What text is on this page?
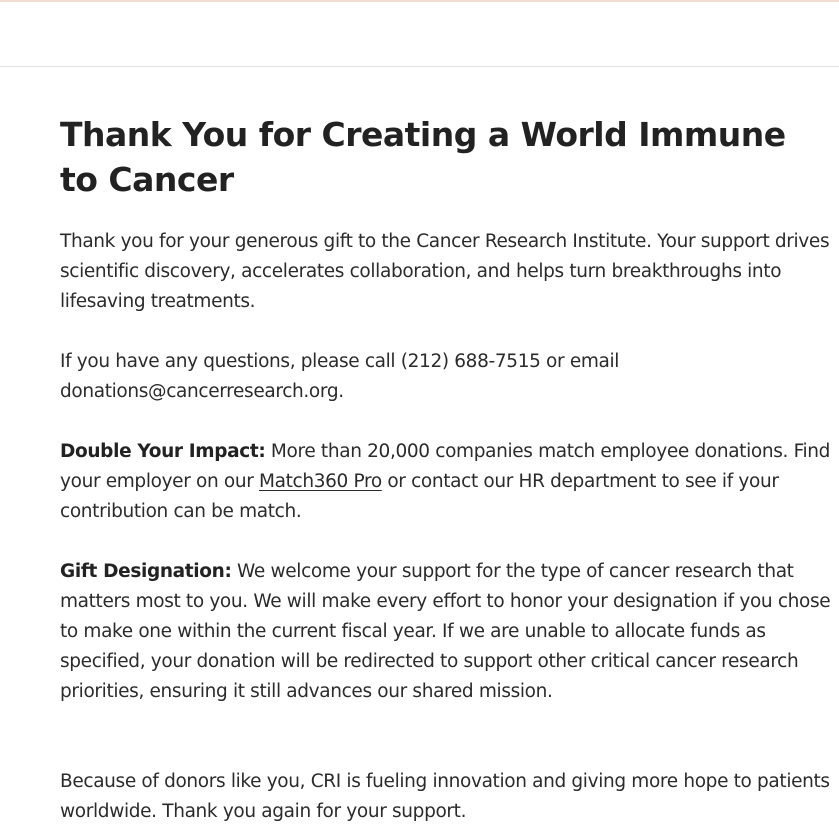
Thank You for Creating a World Immune to Cancer

Thank you for your generous gift to the Cancer Research Institute. Your support drives scientific discovery, accelerates collaboration, and helps turn breakthroughs into lifesaving treatments.

If you have any questions, please call (212) 688-7515 or email donations@cancerresearch.org.

Double Your Impact: More than 20,000 companies match employee donations. Find your employer on our Match360 Pro or contact our HR department to see if your contribution can be match.

Gift Designation: We welcome your support for the type of cancer research that matters most to you. We will make every effort to honor your designation if you chose to make one within the current fiscal year. If we are unable to allocate funds as specified, your donation will be redirected to support other critical cancer research priorities, ensuring it still advances our shared mission.

Because of donors like you, CRI is fueling innovation and giving more hope to patients worldwide. Thank you again for your support.
